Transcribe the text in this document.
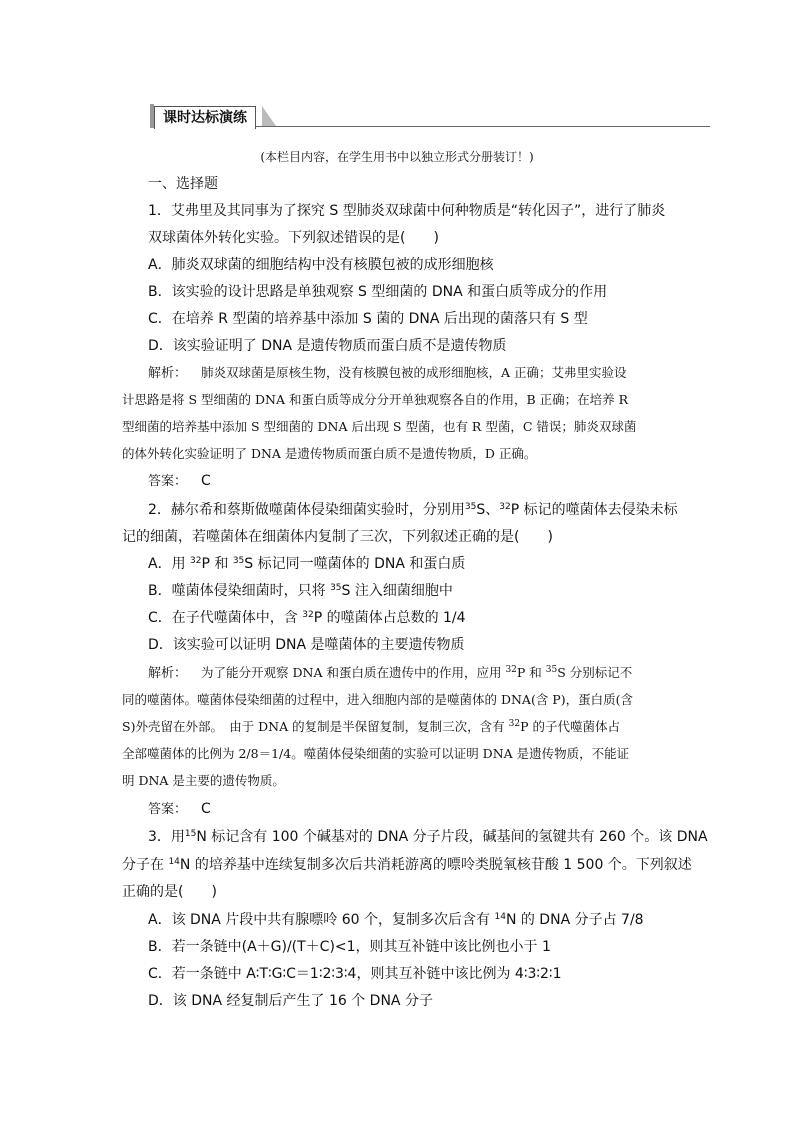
课时达标演练
(本栏目内容，在学生用书中以独立形式分册装订！)
一、选择题
1．艾弗里及其同事为了探究 S 型肺炎双球菌中何种物质是“转化因子”，进行了肺炎
双球菌体外转化实验。下列叙述错误的是(　　)
A．肺炎双球菌的细胞结构中没有核膜包被的成形细胞核
B．该实验的设计思路是单独观察 S 型细菌的 DNA 和蛋白质等成分的作用
C．在培养 R 型菌的培养基中添加 S 菌的 DNA 后出现的菌落只有 S 型
D．该实验证明了 DNA 是遗传物质而蛋白质不是遗传物质
解析： 肺炎双球菌是原核生物，没有核膜包被的成形细胞核，A 正确；艾弗里实验设
计思路是将 S 型细菌的 DNA 和蛋白质等成分分开单独观察各自的作用，B 正确；在培养 R
型细菌的培养基中添加 S 型细菌的 DNA 后出现 S 型菌，也有 R 型菌，C 错误；肺炎双球菌
的体外转化实验证明了 DNA 是遗传物质而蛋白质不是遗传物质，D 正确。
答案： C
2．赫尔希和蔡斯做噬菌体侵染细菌实验时，分别用$^{35}$S、$^{32}$P 标记的噬菌体去侵染未标
记的细菌，若噬菌体在细菌体内复制了三次，下列叙述正确的是(　　)
A．用 $^{32}$P 和 $^{35}$S 标记同一噬菌体的 DNA 和蛋白质
B．噬菌体侵染细菌时，只将 $^{35}$S 注入细菌细胞中
C．在子代噬菌体中，含 $^{32}$P 的噬菌体占总数的 1/4
D．该实验可以证明 DNA 是噬菌体的主要遗传物质
解析： 为了能分开观察 DNA 和蛋白质在遗传中的作用，应用 $^{32}$P 和 $^{35}$S 分别标记不
同的噬菌体。噬菌体侵染细菌的过程中，进入细胞内部的是噬菌体的 DNA(含 P)，蛋白质(含
S)外壳留在外部。　由于 DNA 的复制是半保留复制，复制三次，含有 $^{32}$P 的子代噬菌体占
全部噬菌体的比例为 2/8＝1/4。噬菌体侵染细菌的实验可以证明 DNA 是遗传物质，不能证
明 DNA 是主要的遗传物质。
答案： C
3．用$^{15}$N 标记含有 100 个碱基对的 DNA 分子片段，碱基间的氢键共有 260 个。该 DNA
分子在 $^{14}$N 的培养基中连续复制多次后共消耗游离的嘌呤类脱氧核苷酸 1 500 个。下列叙述
正确的是(　　)
A．该 DNA 片段中共有腺嘌呤 60 个，复制多次后含有 $^{14}$N 的 DNA 分子占 7/8
B．若一条链中(A＋G)/(T＋C)<1，则其互补链中该比例也小于 1
C．若一条链中 A∶T∶G∶C＝1∶2∶3∶4，则其互补链中该比例为 4∶3∶2∶1
D．该 DNA 经复制后产生了 16 个 DNA 分子
